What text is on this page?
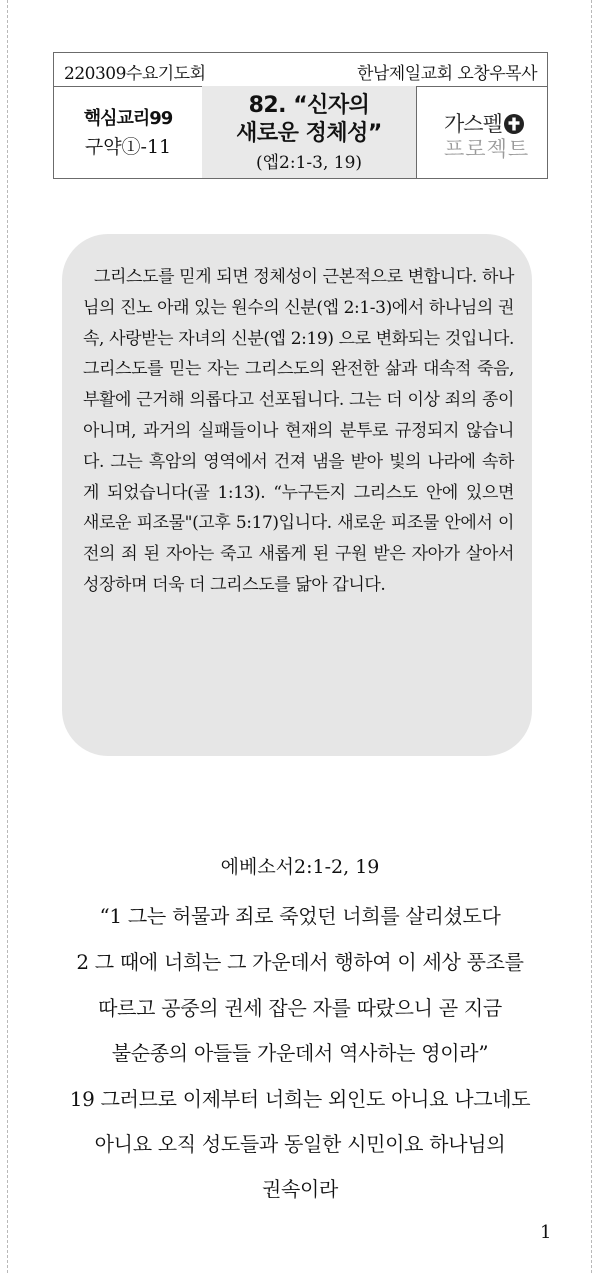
220309수요기도회	한남제일교회 오창우목사
핵심교리99
구약①-11
82. “신자의
새로운 정체성”
(엡2:1-3, 19)
가스펠
프로젝트

그리스도를 믿게 되면 정체성이 근본적으로 변합니다. 하나님의 진노 아래 있는 원수의 신분(엡 2:1-3)에서 하나님의 권속, 사랑받는 자녀의 신분(엡 2:19) 으로 변화되는 것입니다. 그리스도를 믿는 자는 그리스도의 완전한 삶과 대속적 죽음, 부활에 근거해 의롭다고 선포됩니다. 그는 더 이상 죄의 종이 아니며, 과거의 실패들이나 현재의 분투로 규정되지 않습니다. 그는 흑암의 영역에서 건져 냄을 받아 빛의 나라에 속하게 되었습니다(골 1:13). “누구든지 그리스도 안에 있으면 새로운 피조물"(고후 5:17)입니다. 새로운 피조물 안에서 이 전의 죄 된 자아는 죽고 새롭게 된 구원 받은 자아가 살아서 성장하며 더욱 더 그리스도를 닮아 갑니다.

에베소서2:1-2, 19
“1 그는 허물과 죄로 죽었던 너희를 살리셨도다
2 그 때에 너희는 그 가운데서 행하여 이 세상 풍조를
따르고 공중의 권세 잡은 자를 따랐으니 곧 지금
불순종의 아들들 가운데서 역사하는 영이라”
19 그러므로 이제부터 너희는 외인도 아니요 나그네도
아니요 오직 성도들과 동일한 시민이요 하나님의
권속이라
1
